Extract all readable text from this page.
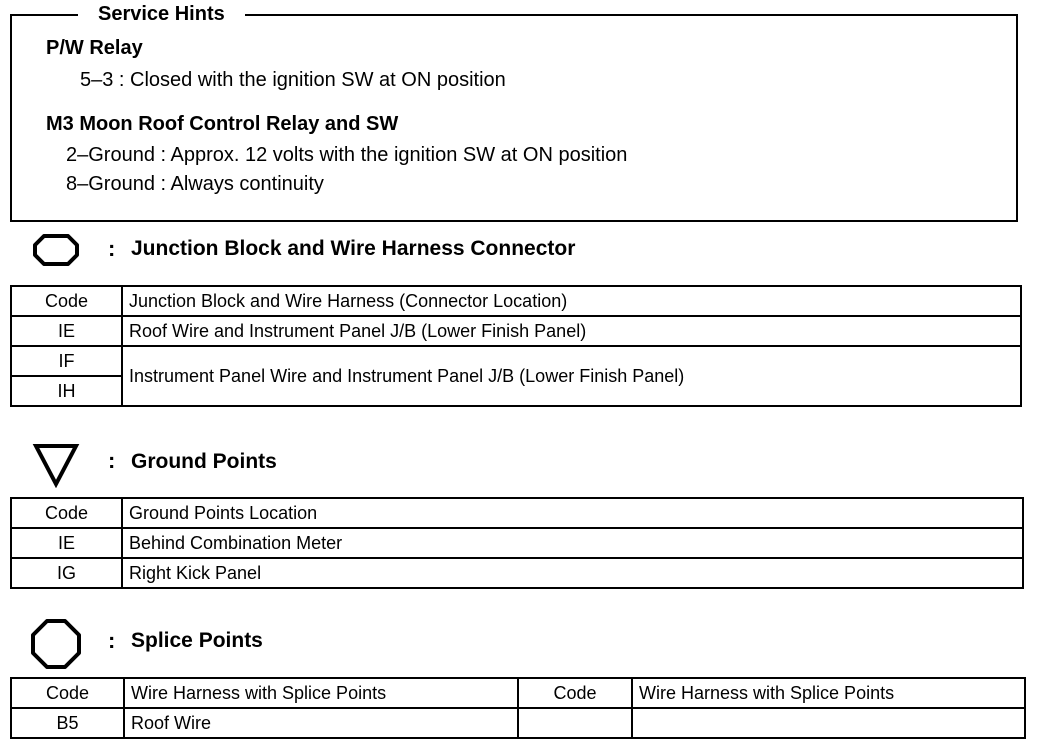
Service Hints
P/W Relay
5–3 : Closed with the ignition SW at ON position
M3 Moon Roof Control Relay and SW
2–Ground : Approx. 12 volts with the ignition SW at ON position
8–Ground : Always continuity
: Junction Block and Wire Harness Connector
Code	Junction Block and Wire Harness (Connector Location)
IE	Roof Wire and Instrument Panel J/B (Lower Finish Panel)
IF	Instrument Panel Wire and Instrument Panel J/B (Lower Finish Panel)
IH	
: Ground Points
Code	Ground Points Location
IE	Behind Combination Meter
IG	Right Kick Panel
: Splice Points
Code	Wire Harness with Splice Points	Code	Wire Harness with Splice Points
B5	Roof Wire		
